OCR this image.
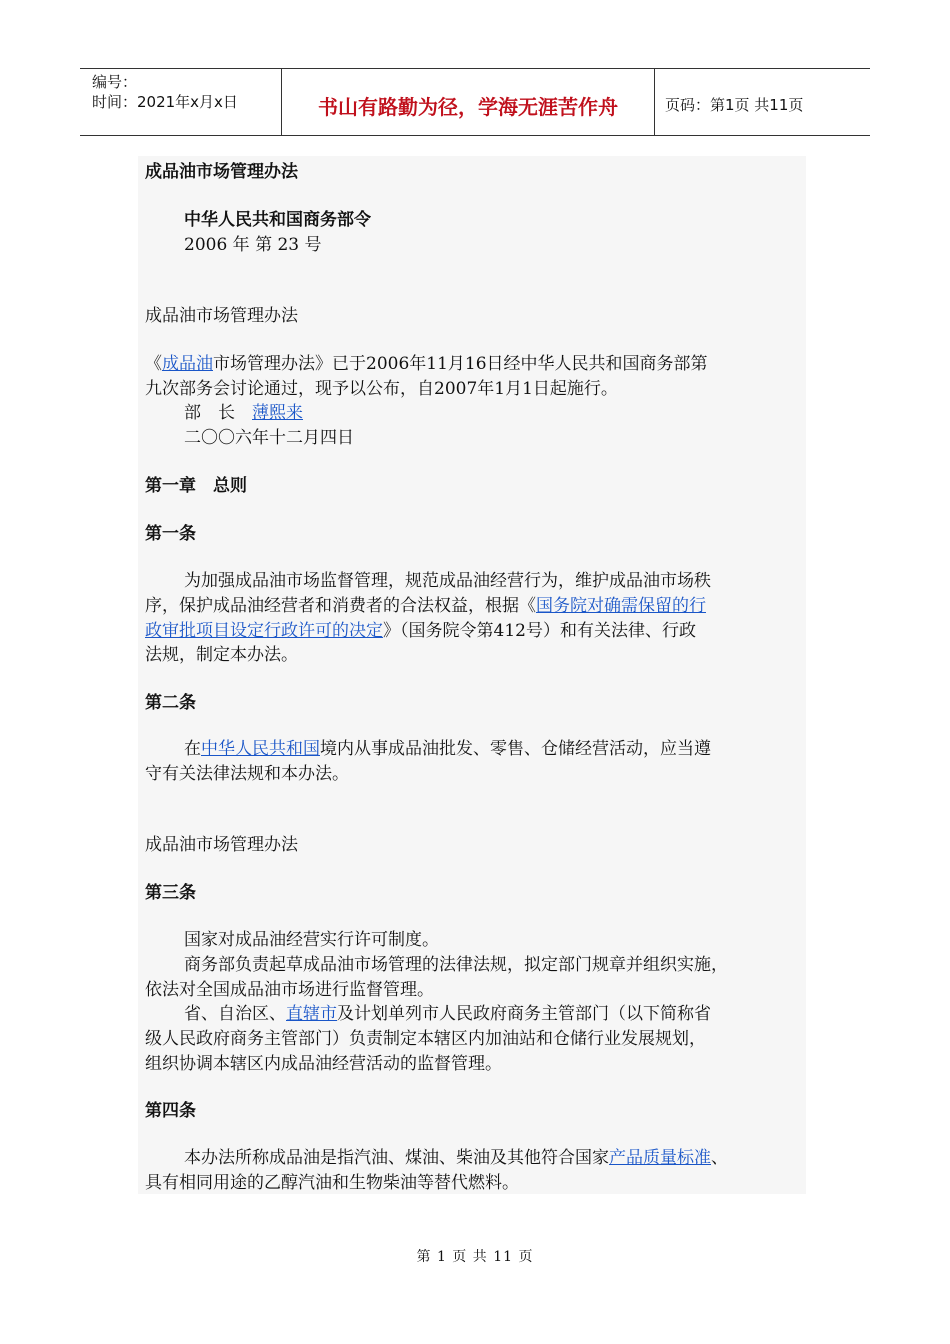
编号：
时间：2021年x月x日	书山有路勤为径，学海无涯苦作舟	页码：第1页 共11页
成品油市场管理办法
中华人民共和国商务部令
2006 年 第 23 号
成品油市场管理办法
《成品油市场管理办法》已于2006年11月16日经中华人民共和国商务部第
九次部务会讨论通过，现予以公布，自2007年1月1日起施行。
部　长　薄熙来
二〇〇六年十二月四日
第一章　总则
第一条
为加强成品油市场监督管理，规范成品油经营行为，维护成品油市场秩
序，保护成品油经营者和消费者的合法权益，根据《国务院对确需保留的行
政审批项目设定行政许可的决定》（国务院令第412号）和有关法律、行政
法规，制定本办法。
第二条
在中华人民共和国境内从事成品油批发、零售、仓储经营活动，应当遵
守有关法律法规和本办法。
成品油市场管理办法
第三条
国家对成品油经营实行许可制度。
商务部负责起草成品油市场管理的法律法规，拟定部门规章并组织实施，
依法对全国成品油市场进行监督管理。
省、自治区、直辖市及计划单列市人民政府商务主管部门（以下简称省
级人民政府商务主管部门）负责制定本辖区内加油站和仓储行业发展规划，
组织协调本辖区内成品油经营活动的监督管理。
第四条
本办法所称成品油是指汽油、煤油、柴油及其他符合国家产品质量标准、
具有相同用途的乙醇汽油和生物柴油等替代燃料。
第 1 页 共 11 页
